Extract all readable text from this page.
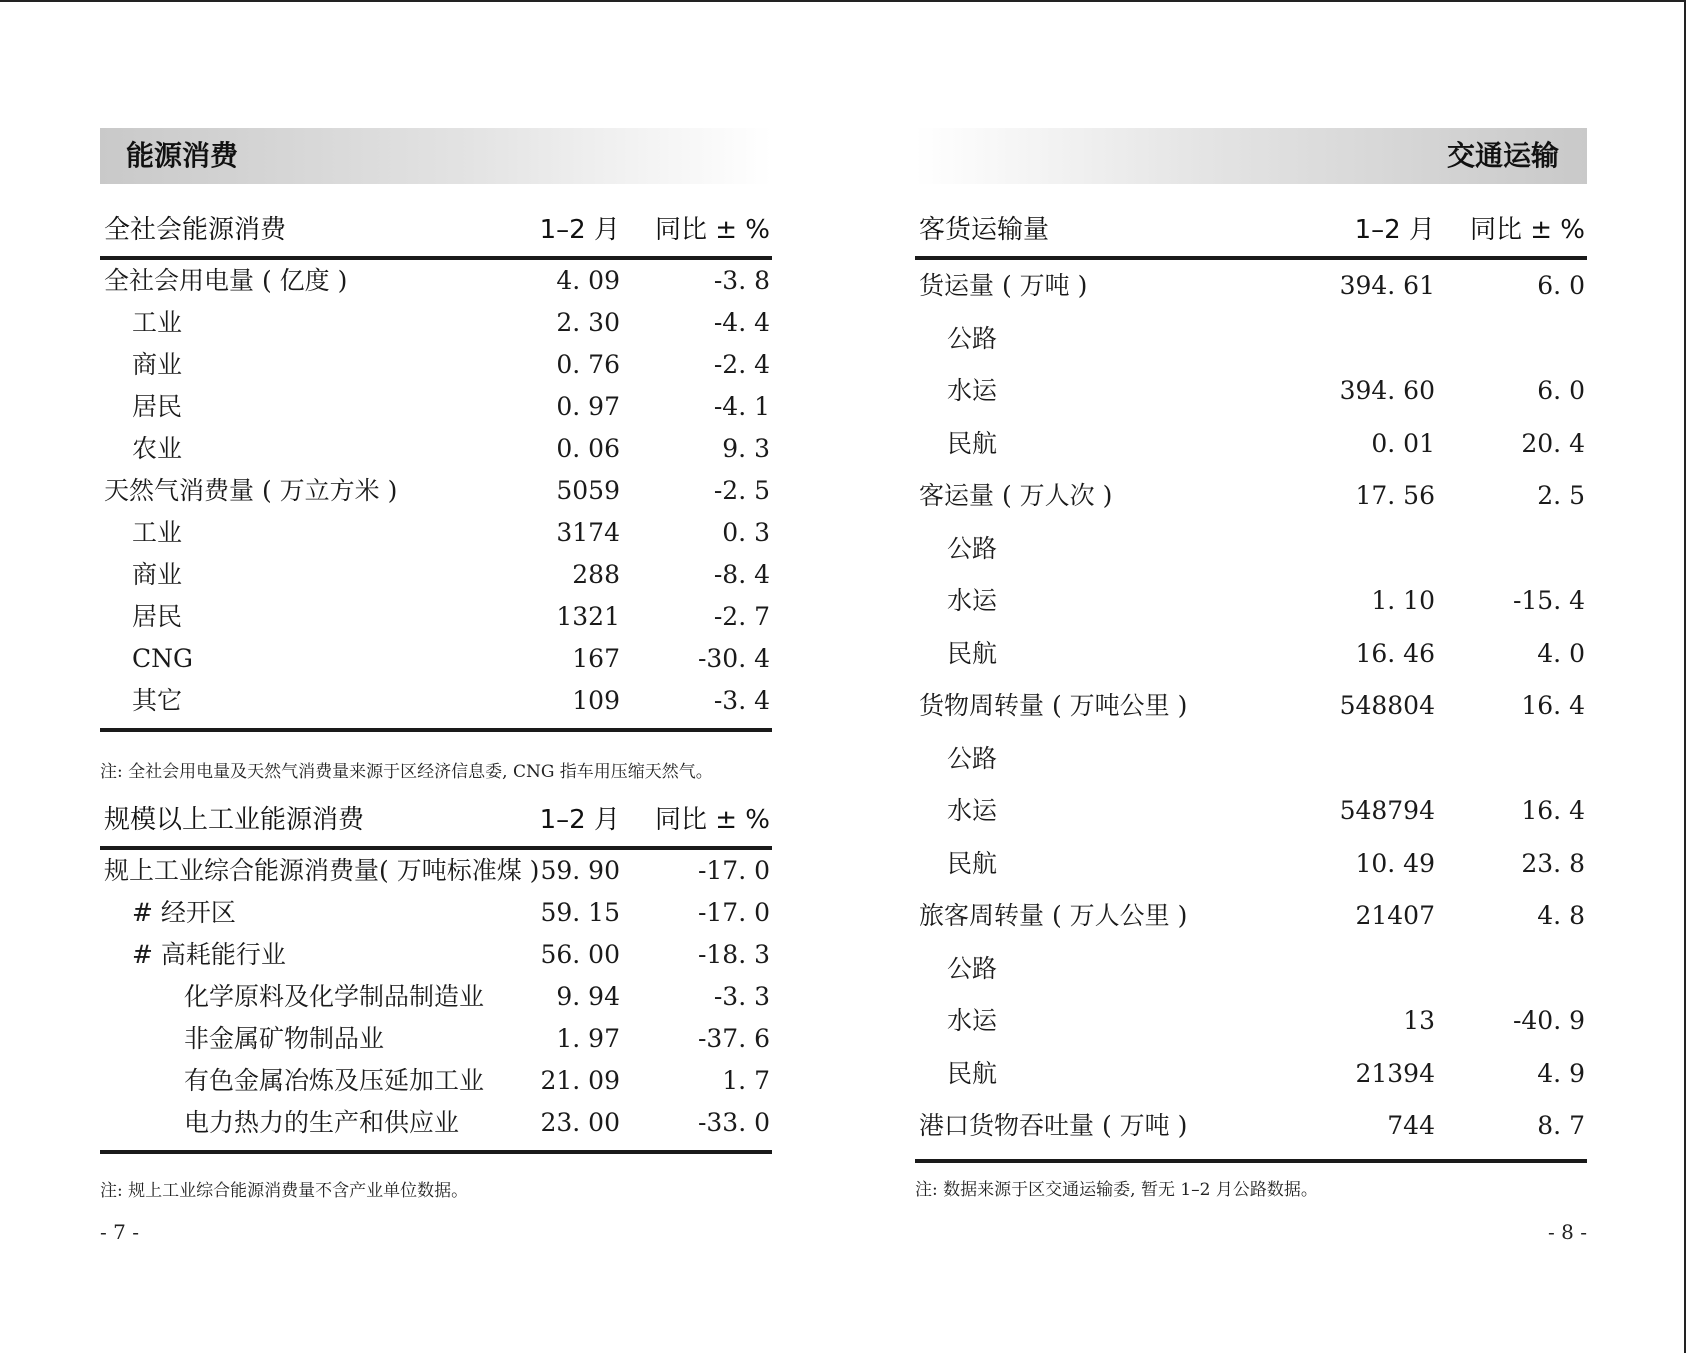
能源消费
全社会能源消费	1–2 月 同比 ± %
全社会用电量 ( 亿度 )	4. 09	-3. 8
工业	2. 30	-4. 4
商业	0. 76	-2. 4
居民	0. 97	-4. 1
农业	0. 06	9. 3
天然气消费量 ( 万立方米 )	5059	-2. 5
工业	3174	0. 3
商业	288	-8. 4
居民	1321	-2. 7
CNG	167	-30. 4
其它	109	-3. 4
注: 全社会用电量及天然气消费量来源于区经济信息委, CNG 指车用压缩天然气。
规模以上工业能源消费	1–2 月 同比 ± %
规上工业综合能源消费量( 万吨标准煤 ) 59. 90	-17. 0
# 经开区	59. 15	-17. 0
# 高耗能行业	56. 00	-18. 3
化学原料及化学制品制造业	9. 94	-3. 3
非金属矿物制品业	1. 97	-37. 6
有色金属冶炼及压延加工业 21. 09	1. 7
电力热力的生产和供应业	23. 00	-33. 0
注: 规上工业综合能源消费量不含产业单位数据。
- 7 -
交通运输
客货运输量	1–2 月 同比 ± %
货运量 ( 万吨 )	394. 61	6. 0
公路
水运	394. 60	6. 0
民航	0. 01	20. 4
客运量 ( 万人次 )	17. 56	2. 5
公路
水运	1. 10	-15. 4
民航	16. 46	4. 0
货物周转量 ( 万吨公里 )	548804	16. 4
公路
水运	548794	16. 4
民航	10. 49	23. 8
旅客周转量 ( 万人公里 )	21407	4. 8
公路
水运	13	-40. 9
民航	21394	4. 9
港口货物吞吐量 ( 万吨 )	744	8. 7
注: 数据来源于区交通运输委, 暂无 1–2 月公路数据。
- 8 -
